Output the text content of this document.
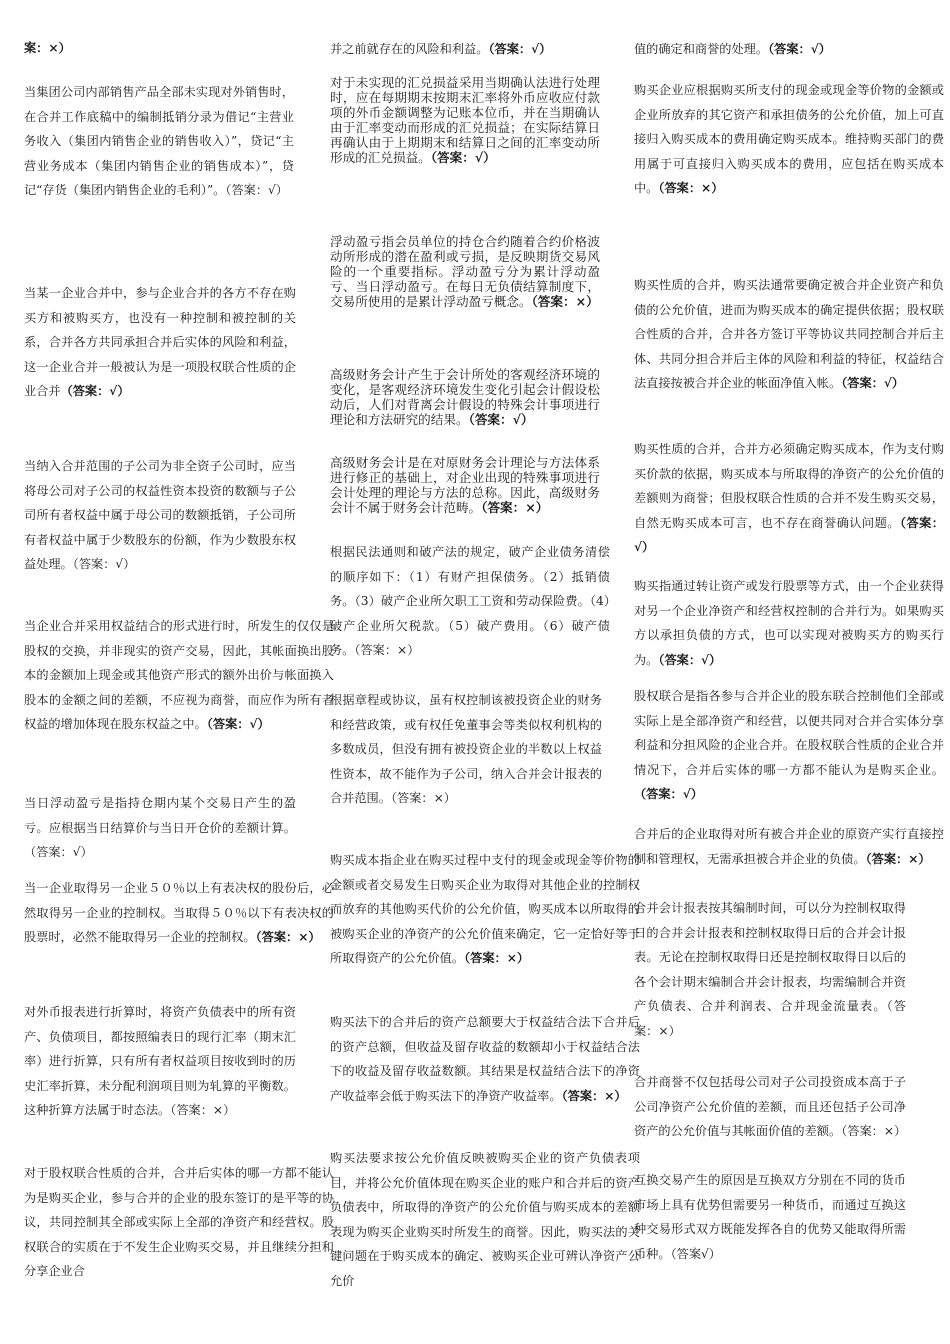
案：×）

当集团公司内部销售产品全部未实现对外销售时，在合并工作底稿中的编制抵销分录为借记“主营业务收入（集团内销售企业的销售收入）”，贷记“主营业务成本（集团内销售企业的销售成本）”，贷记“存货（集团内销售企业的毛利）”。（答案：√）

当某一企业合并中，参与企业合并的各方不存在购买方和被购买方，也没有一种控制和被控制的关系，合并各方共同承担合并后实体的风险和利益，这一企业合并一般被认为是一项股权联合性质的企业合并（答案：√）

当纳入合并范围的子公司为非全资子公司时，应当将母公司对子公司的权益性资本投资的数额与子公司所有者权益中属于母公司的数额抵销，子公司所有者权益中属于少数股东的份额，作为少数股东权益处理。（答案：√）

当企业合并采用权益结合的形式进行时，所发生的仅仅是股权的交换，并非现实的资产交易，因此，其帐面换出股本的金额加上现金或其他资产形式的额外出价与帐面换入股本的金额之间的差额，不应视为商誉，而应作为所有者权益的增加体现在股东权益之中。（答案：√）

当日浮动盈亏是指持仓期内某个交易日产生的盈亏。应根据当日结算价与当日开仓价的差额计算。（答案：√）

当一企业取得另一企业５０％以上有表决权的股份后，必然取得另一企业的控制权。当取得５０％以下有表决权的股票时，必然不能取得另一企业的控制权。（答案：×）

对外币报表进行折算时，将资产负债表中的所有资产、负债项目，都按照编表日的现行汇率（期末汇率）进行折算，只有所有者权益项目按收到时的历史汇率折算，未分配利润项目则为轧算的平衡数。这种折算方法属于时态法。（答案：×）

对于股权联合性质的合并，合并后实体的哪一方都不能认为是购买企业，参与合并的企业的股东签订的是平等的协议，共同控制其全部或实际上全部的净资产和经营权。股权联合的实质在于不发生企业购买交易，并且继续分担和分享企业合

并之前就存在的风险和利益。（答案：√）

对于未实现的汇兑损益采用当期确认法进行处理时，应在每期期末按期末汇率将外币应收应付款项的外币金额调整为记账本位币，并在当期确认由于汇率变动而形成的汇兑损益；在实际结算日再确认由于上期期末和结算日之间的汇率变动所形成的汇兑损益。（答案：√）

浮动盈亏指会员单位的持仓合约随着合约价格波动所形成的潜在盈利或亏损，是反映期货交易风险的一个重要指标。浮动盈亏分为累计浮动盈亏、当日浮动盈亏。在每日无负债结算制度下，交易所使用的是累计浮动盈亏概念。（答案：×）

高级财务会计产生于会计所处的客观经济环境的变化，是客观经济环境发生变化引起会计假设松动后，人们对背离会计假设的特殊会计事项进行理论和方法研究的结果。（答案：√）

高级财务会计是在对原财务会计理论与方法体系进行修正的基础上，对企业出现的特殊事项进行会计处理的理论与方法的总称。因此，高级财务会计不属于财务会计范畴。（答案：×）

根据民法通则和破产法的规定，破产企业债务清偿的顺序如下：（1）有财产担保债务。（2）抵销债务。（3）破产企业所欠职工工资和劳动保险费。（4）破产企业所欠税款。（5）破产费用。（6）破产债务。（答案：×）

根据章程或协议，虽有权控制该被投资企业的财务和经营政策，或有权任免董事会等类似权利机构的多数成员，但没有拥有被投资企业的半数以上权益性资本，故不能作为子公司，纳入合并会计报表的合并范围。（答案：×）

购买成本指企业在购买过程中支付的现金或现金等价物的金额或者交易发生日购买企业为取得对其他企业的控制权而放弃的其他购买代价的公允价值，购买成本以所取得的被购买企业的净资产的公允价值来确定，它一定恰好等于所取得资产的公允价值。（答案：×）

购买法下的合并后的资产总额要大于权益结合法下合并后的资产总额，但收益及留存收益的数额却小于权益结合法下的收益及留存收益数额。其结果是权益结合法下的净资产收益率会低于购买法下的净资产收益率。（答案：×）

购买法要求按公允价值反映被购买企业的资产负债表项目，并将公允价值体现在购买企业的账户和合并后的资产负债表中，所取得的净资产的公允价值与购买成本的差额表现为购买企业购买时所发生的商誉。因此，购买法的关键问题在于购买成本的确定、被购买企业可辨认净资产公允价

值的确定和商誉的处理。（答案：√）

购买企业应根据购买所支付的现金或现金等价物的金额或企业所放弃的其它资产和承担债务的公允价值，加上可直接归入购买成本的费用确定购买成本。维持购买部门的费用属于可直接归入购买成本的费用，应包括在购买成本中。（答案：×）

购买性质的合并，购买法通常要确定被合并企业资产和负债的公允价值，进而为购买成本的确定提供依据；股权联合性质的合并，合并各方签订平等协议共同控制合并后主体、共同分担合并后主体的风险和利益的特征，权益结合法直接按被合并企业的帐面净值入帐。（答案：√）

购买性质的合并，合并方必须确定购买成本，作为支付购买价款的依据，购买成本与所取得的净资产的公允价值的差额则为商誉；但股权联合性质的合并不发生购买交易，自然无购买成本可言，也不存在商誉确认问题。（答案：√）

购买指通过转让资产或发行股票等方式，由一个企业获得对另一个企业净资产和经营权控制的合并行为。如果购买方以承担负债的方式，也可以实现对被购买方的购买行为。（答案：√）

股权联合是指各参与合并企业的股东联合控制他们全部或实际上是全部净资产和经营，以便共同对合并合实体分享利益和分担风险的企业合并。在股权联合性质的企业合并情况下，合并后实体的哪一方都不能认为是购买企业。（答案：√）

合并后的企业取得对所有被合并企业的原资产实行直接控制和管理权，无需承担被合并企业的负债。（答案：×）

合并会计报表按其编制时间，可以分为控制权取得日的合并会计报表和控制权取得日后的合并会计报表。无论在控制权取得日还是控制权取得日以后的各个会计期末编制合并会计报表，均需编制合并资产负债表、合并利润表、合并现金流量表。（答案：×）

合并商誉不仅包括母公司对子公司投资成本高于子公司净资产公允价值的差额，而且还包括子公司净资产的公允价值与其帐面价值的差额。（答案：×）

互换交易产生的原因是互换双方分别在不同的货币市场上具有优势但需要另一种货币，而通过互换这种交易形式双方既能发挥各自的优势又能取得所需币种。（答案√）
